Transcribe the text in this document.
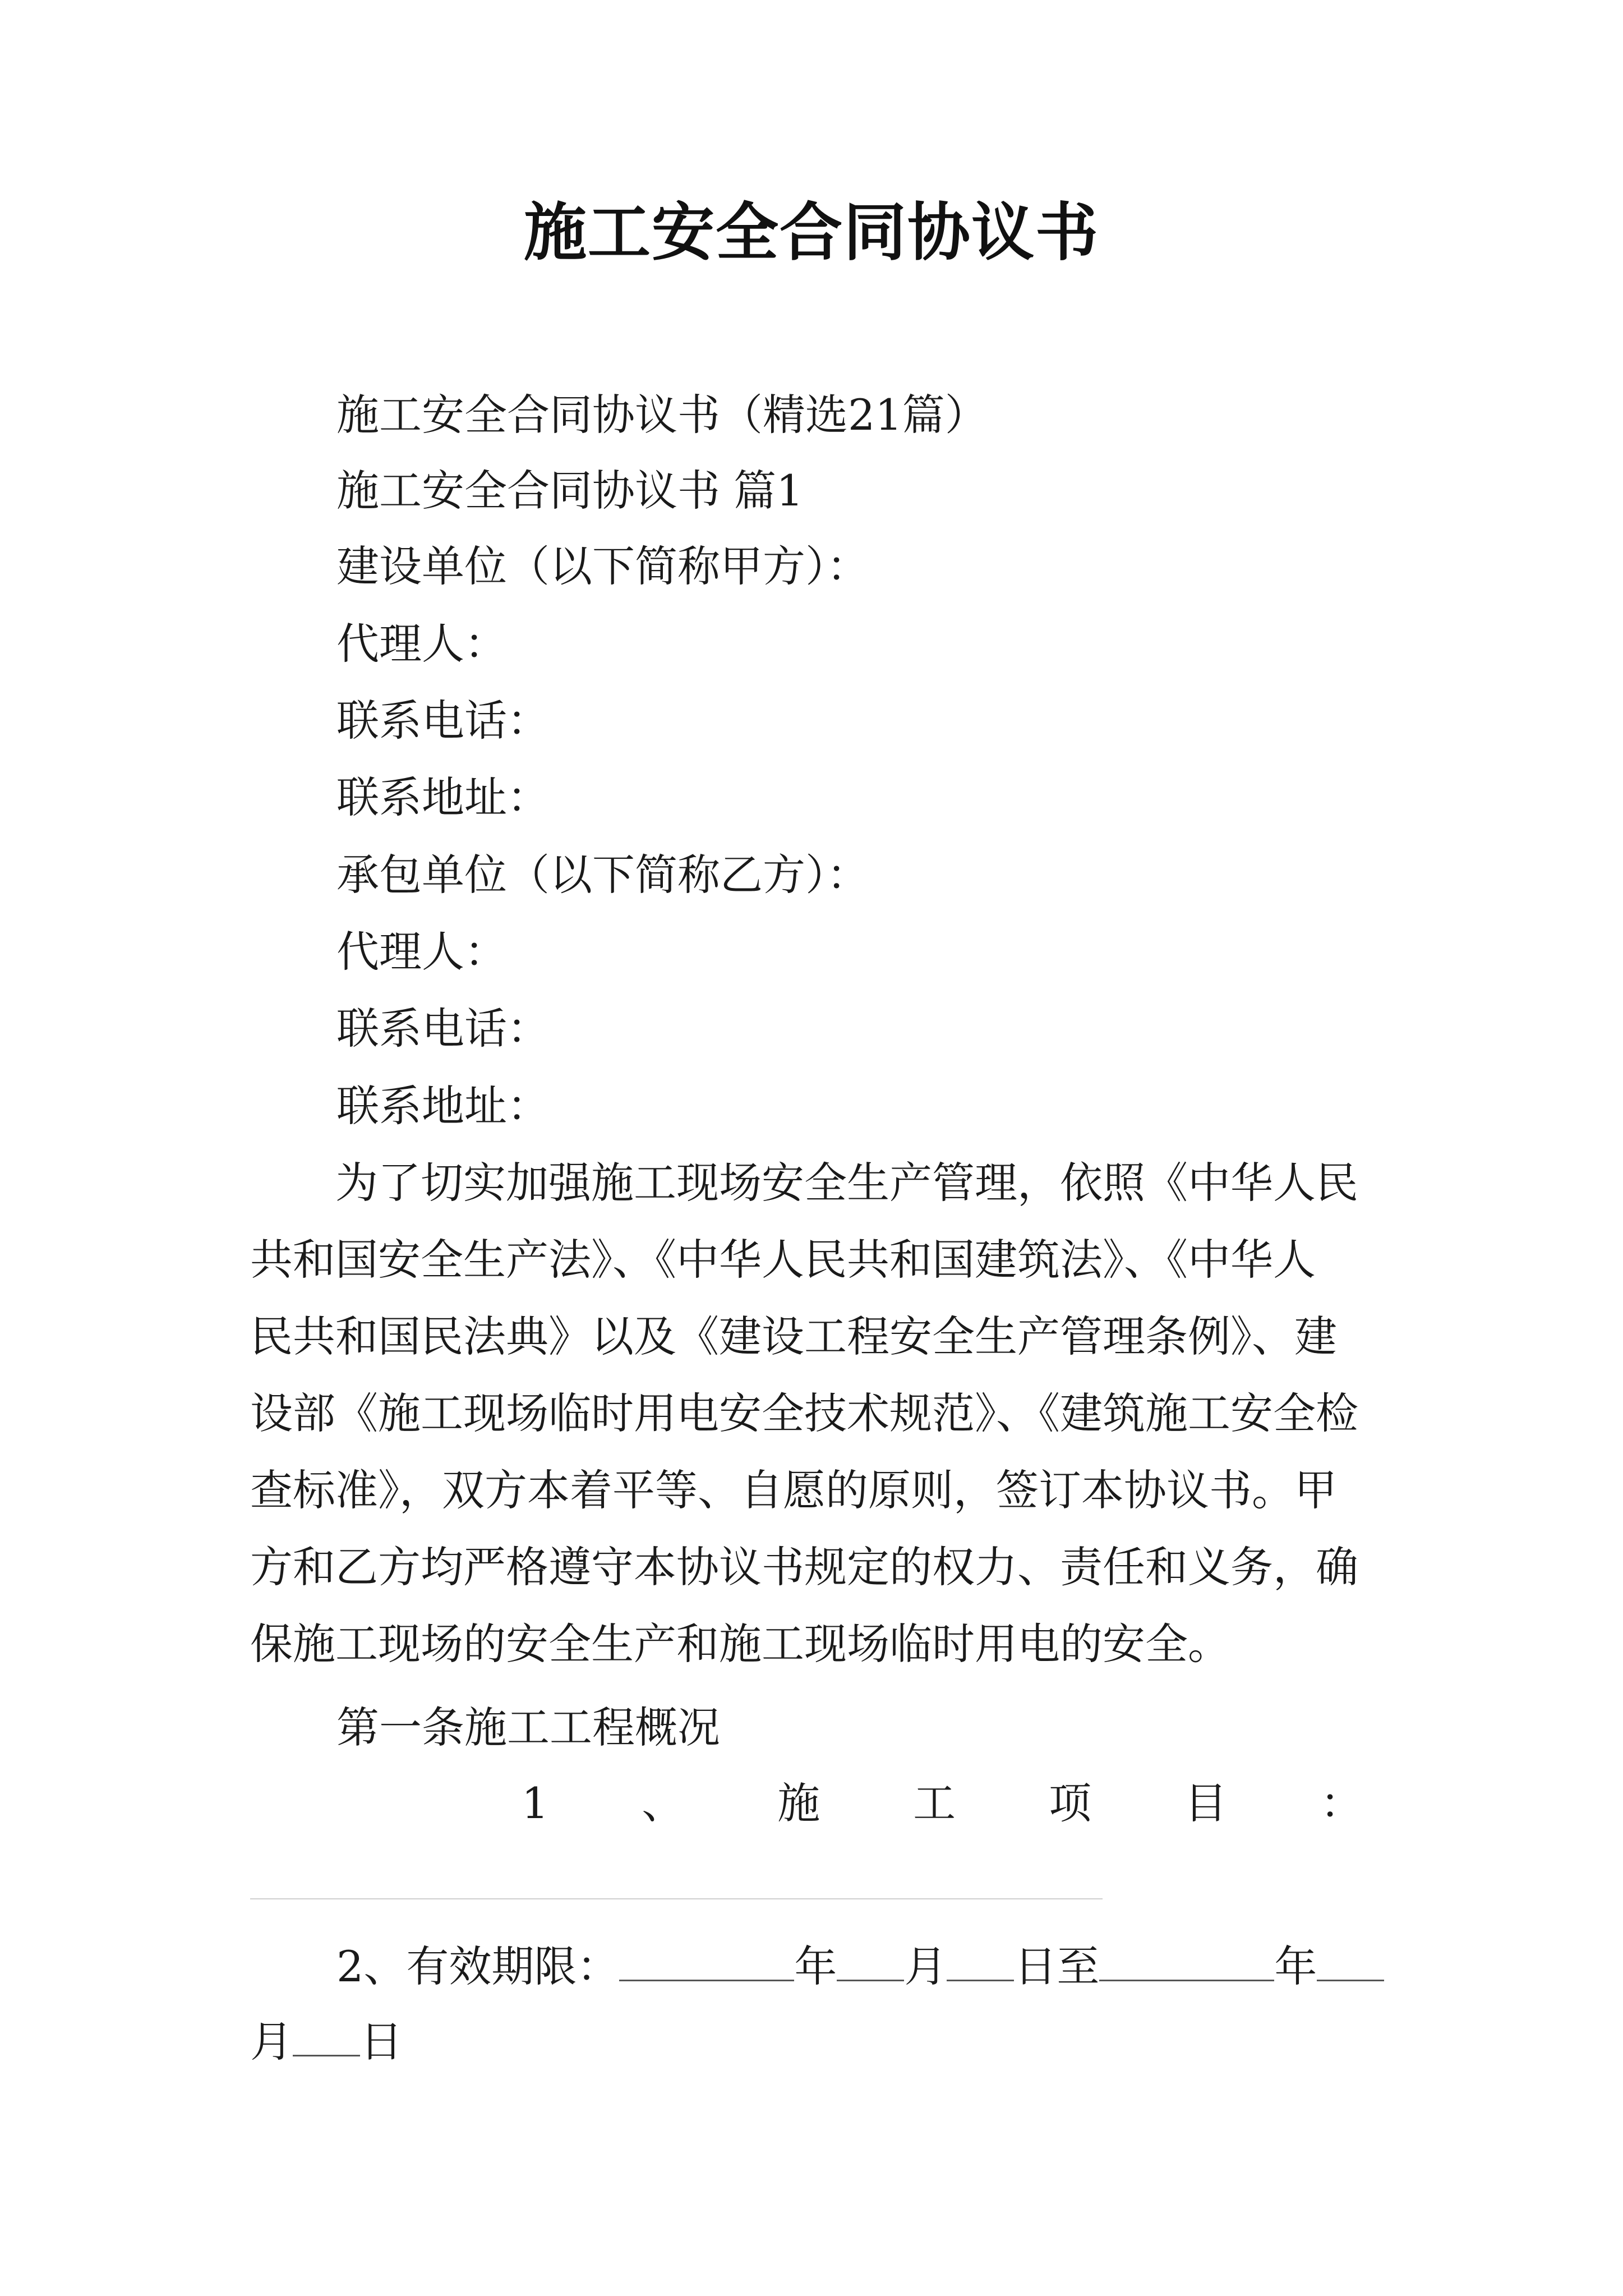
施工安全合同协议书
施工安全合同协议书（精选21篇）
施工安全合同协议书 篇1
建设单位（以下简称甲方）：
代理人：
联系电话：
联系地址：
承包单位（以下简称乙方）：
代理人：
联系电话：
联系地址：
为了切实加强施工现场安全生产管理，依照《中华人民
共和国安全生产法》、《中华人民共和国建筑法》、《中华人
民共和国民法典》以及《建设工程安全生产管理条例》、建
设部《施工现场临时用电安全技术规范》、《建筑施工安全检
查标准》，双方本着平等、自愿的原则，签订本协议书。甲
方和乙方均严格遵守本协议书规定的权力、责任和义务，确
保施工现场的安全生产和施工现场临时用电的安全。
第一条施工工程概况
1 、 施 工 项 目 ：
2、有效期限：	年 月 日至	年
月 日
